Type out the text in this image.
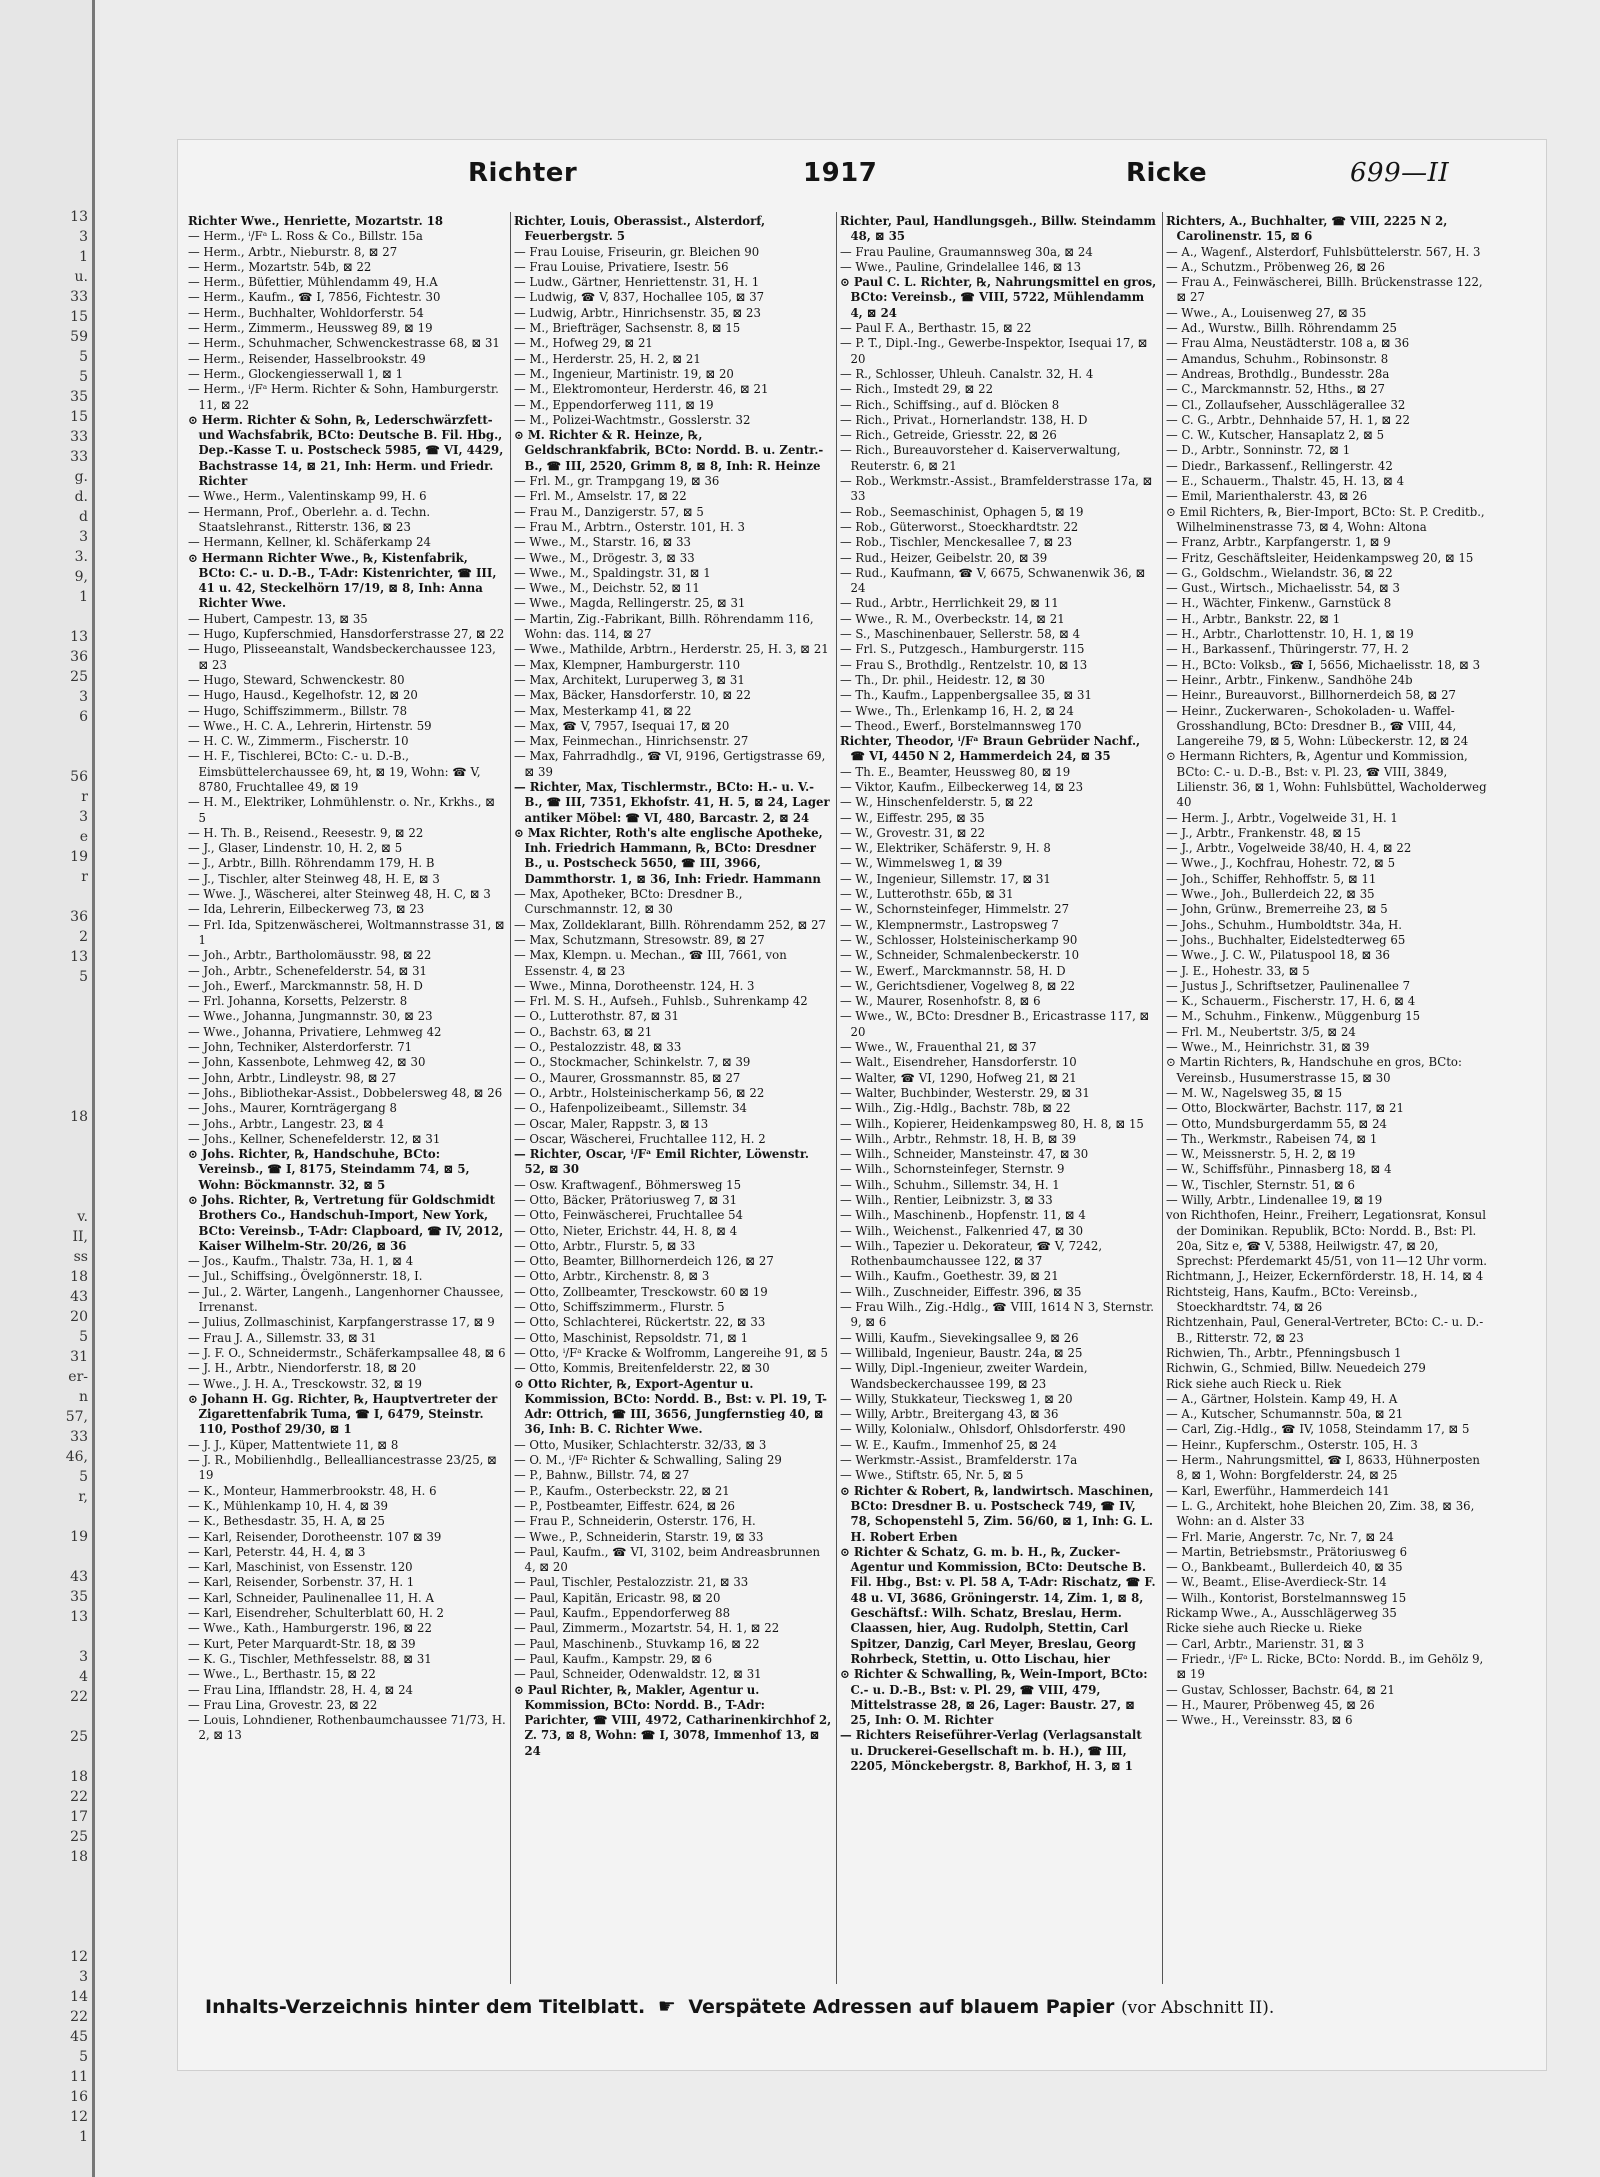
13
3
1
u.
33
15
59
5
5
35
15
33
33
g.
d.
d
3
3.
9,
1
13
36
25
3
6
56
r
3
e
19
r
36
2
13
5
18
v.
II,
ss
18
43
20
5
31
er-
n
57,
33
46,
5
r,
19
43
35
13
3
4
22
25
18
22
17
25
18
12
3
14
22
45
5
11
16
12
1
Richter	1917	Ricke	699—II

Richter Wwe., Henriette, Mozartstr. 18

— Herm., ⁱ/Fᵃ L. Ross & Co., Billstr. 15a

— Herm., Arbtr., Nieburstr. 8, ⊠ 27

— Herm., Mozartstr. 54b, ⊠ 22

— Herm., Büfettier, Mühlendamm 49, H.A

— Herm., Kaufm., ☎ I, 7856, Fichtestr. 30

— Herm., Buchhalter, Wohldorferstr. 54

— Herm., Zimmerm., Heussweg 89, ⊠ 19

— Herm., Schuhmacher, Schwenckestrasse 68, ⊠ 31

— Herm., Reisender, Hasselbrookstr. 49

— Herm., Glockengiesserwall 1, ⊠ 1

— Herm., ⁱ/Fᵃ Herm. Richter & Sohn, Hamburgerstr. 11, ⊠ 22

⊙ Herm. Richter & Sohn, ℞, Lederschwärzfett- und Wachsfabrik, BCto: Deutsche B. Fil. Hbg., Dep.-Kasse T. u. Postscheck 5985, ☎ VI, 4429, Bachstrasse 14, ⊠ 21, Inh: Herm. und Friedr. Richter

— Wwe., Herm., Valentinskamp 99, H. 6

— Hermann, Prof., Oberlehr. a. d. Techn. Staatslehranst., Ritterstr. 136, ⊠ 23

— Hermann, Kellner, kl. Schäferkamp 24

⊙ Hermann Richter Wwe., ℞, Kistenfabrik, BCto: C.- u. D.-B., T-Adr: Kistenrichter, ☎ III, 41 u. 42, Steckelhörn 17/19, ⊠ 8, Inh: Anna Richter Wwe.

— Hubert, Campestr. 13, ⊠ 35

— Hugo, Kupferschmied, Hansdorferstrasse 27, ⊠ 22

— Hugo, Plisseeanstalt, Wandsbeckerchaussee 123, ⊠ 23

— Hugo, Steward, Schwenckestr. 80

— Hugo, Hausd., Kegelhofstr. 12, ⊠ 20

— Hugo, Schiffszimmerm., Billstr. 78

— Wwe., H. C. A., Lehrerin, Hirtenstr. 59

— H. C. W., Zimmerm., Fischerstr. 10

— H. F., Tischlerei, BCto: C.- u. D.-B., Eimsbüttelerchaussee 69, ht, ⊠ 19, Wohn: ☎ V, 8780, Fruchtallee 49, ⊠ 19

— H. M., Elektriker, Lohmühlenstr. o. Nr., Krkhs., ⊠ 5

— H. Th. B., Reisend., Reesestr. 9, ⊠ 22

— J., Glaser, Lindenstr. 10, H. 2, ⊠ 5

— J., Arbtr., Billh. Röhrendamm 179, H. B

— J., Tischler, alter Steinweg 48, H. E, ⊠ 3

— Wwe. J., Wäscherei, alter Steinweg 48, H. C, ⊠ 3

— Ida, Lehrerin, Eilbeckerweg 73, ⊠ 23

— Frl. Ida, Spitzenwäscherei, Woltmannstrasse 31, ⊠ 1

— Joh., Arbtr., Bartholomäusstr. 98, ⊠ 22

— Joh., Arbtr., Schenefelderstr. 54, ⊠ 31

— Joh., Ewerf., Marckmannstr. 58, H. D

— Frl. Johanna, Korsetts, Pelzerstr. 8

— Wwe., Johanna, Jungmannstr. 30, ⊠ 23

— Wwe., Johanna, Privatiere, Lehmweg 42

— John, Techniker, Alsterdorferstr. 71

— John, Kassenbote, Lehmweg 42, ⊠ 30

— John, Arbtr., Lindleystr. 98, ⊠ 27

— Johs., Bibliothekar-Assist., Dobbelersweg 48, ⊠ 26

— Johs., Maurer, Kornträgergang 8

— Johs., Arbtr., Langestr. 23, ⊠ 4

— Johs., Kellner, Schenefelderstr. 12, ⊠ 31

⊙ Johs. Richter, ℞, Handschuhe, BCto: Vereinsb., ☎ I, 8175, Steindamm 74, ⊠ 5, Wohn: Böckmannstr. 32, ⊠ 5

⊙ Johs. Richter, ℞, Vertretung für Goldschmidt Brothers Co., Handschuh-Import, New York, BCto: Vereinsb., T-Adr: Clapboard, ☎ IV, 2012, Kaiser Wilhelm-Str. 20/26, ⊠ 36

— Jos., Kaufm., Thalstr. 73a, H. 1, ⊠ 4

— Jul., Schiffsing., Övelgönnerstr. 18, I.

— Jul., 2. Wärter, Langenh., Langenhorner Chaussee, Irrenanst.

— Julius, Zollmaschinist, Karpfangerstrasse 17, ⊠ 9

— Frau J. A., Sillemstr. 33, ⊠ 31

— J. F. O., Schneidermstr., Schäferkampsallee 48, ⊠ 6

— J. H., Arbtr., Niendorferstr. 18, ⊠ 20

— Wwe., J. H. A., Tresckowstr. 32, ⊠ 19

⊙ Johann H. Gg. Richter, ℞, Hauptvertreter der Zigarettenfabrik Tuma, ☎ I, 6479, Steinstr. 110, Posthof 29/30, ⊠ 1

— J. J., Küper, Mattentwiete 11, ⊠ 8

— J. R., Mobilienhdlg., Bellealliancestrasse 23/25, ⊠ 19

— K., Monteur, Hammerbrookstr. 48, H. 6

— K., Mühlenkamp 10, H. 4, ⊠ 39

— K., Bethesdastr. 35, H. A, ⊠ 25

— Karl, Reisender, Dorotheenstr. 107 ⊠ 39

— Karl, Peterstr. 44, H. 4, ⊠ 3

— Karl, Maschinist, von Essenstr. 120

— Karl, Reisender, Sorbenstr. 37, H. 1

— Karl, Schneider, Paulinenallee 11, H. A

— Karl, Eisendreher, Schulterblatt 60, H. 2

— Wwe., Kath., Hamburgerstr. 196, ⊠ 22

— Kurt, Peter Marquardt-Str. 18, ⊠ 39

— K. G., Tischler, Methfesselstr. 88, ⊠ 31

— Wwe., L., Berthastr. 15, ⊠ 22

— Frau Lina, Ifflandstr. 28, H. 4, ⊠ 24

— Frau Lina, Grovestr. 23, ⊠ 22

— Louis, Lohndiener, Rothenbaumchaussee 71/73, H. 2, ⊠ 13

Richter, Louis, Oberassist., Alsterdorf, Feuerbergstr. 5

— Frau Louise, Friseurin, gr. Bleichen 90

— Frau Louise, Privatiere, Isestr. 56

— Ludw., Gärtner, Henriettenstr. 31, H. 1

— Ludwig, ☎ V, 837, Hochallee 105, ⊠ 37

— Ludwig, Arbtr., Hinrichsenstr. 35, ⊠ 23

— M., Briefträger, Sachsenstr. 8, ⊠ 15

— M., Hofweg 29, ⊠ 21

— M., Herderstr. 25, H. 2, ⊠ 21

— M., Ingenieur, Martinistr. 19, ⊠ 20

— M., Elektromonteur, Herderstr. 46, ⊠ 21

— M., Eppendorferweg 111, ⊠ 19

— M., Polizei-Wachtmstr., Gosslerstr. 32

⊙ M. Richter & R. Heinze, ℞, Geldschrankfabrik, BCto: Nordd. B. u. Zentr.-B., ☎ III, 2520, Grimm 8, ⊠ 8, Inh: R. Heinze

— Frl. M., gr. Trampgang 19, ⊠ 36

— Frl. M., Amselstr. 17, ⊠ 22

— Frau M., Danzigerstr. 57, ⊠ 5

— Frau M., Arbtrn., Osterstr. 101, H. 3

— Wwe., M., Starstr. 16, ⊠ 33

— Wwe., M., Drögestr. 3, ⊠ 33

— Wwe., M., Spaldingstr. 31, ⊠ 1

— Wwe., M., Deichstr. 52, ⊠ 11

— Wwe., Magda, Rellingerstr. 25, ⊠ 31

— Martin, Zig.-Fabrikant, Billh. Röhrendamm 116, Wohn: das. 114, ⊠ 27

— Wwe., Mathilde, Arbtrn., Herderstr. 25, H. 3, ⊠ 21

— Max, Klempner, Hamburgerstr. 110

— Max, Architekt, Luruperweg 3, ⊠ 31

— Max, Bäcker, Hansdorferstr. 10, ⊠ 22

— Max, Mesterkamp 41, ⊠ 22

— Max, ☎ V, 7957, Isequai 17, ⊠ 20

— Max, Feinmechan., Hinrichsenstr. 27

— Max, Fahrradhdlg., ☎ VI, 9196, Gertigstrasse 69, ⊠ 39

— Richter, Max, Tischlermstr., BCto: H.- u. V.-B., ☎ III, 7351, Ekhofstr. 41, H. 5, ⊠ 24, Lager antiker Möbel: ☎ VI, 480, Barcastr. 2, ⊠ 24

⊙ Max Richter, Roth's alte englische Apotheke, Inh. Friedrich Hammann, ℞, BCto: Dresdner B., u. Postscheck 5650, ☎ III, 3966, Dammthorstr. 1, ⊠ 36, Inh: Friedr. Hammann

— Max, Apotheker, BCto: Dresdner B., Curschmannstr. 12, ⊠ 30

— Max, Zolldeklarant, Billh. Röhrendamm 252, ⊠ 27

— Max, Schutzmann, Stresowstr. 89, ⊠ 27

— Max, Klempn. u. Mechan., ☎ III, 7661, von Essenstr. 4, ⊠ 23

— Wwe., Minna, Dorotheenstr. 124, H. 3

— Frl. M. S. H., Aufseh., Fuhlsb., Suhrenkamp 42

— O., Lutterothstr. 87, ⊠ 31

— O., Bachstr. 63, ⊠ 21

— O., Pestalozzistr. 48, ⊠ 33

— O., Stockmacher, Schinkelstr. 7, ⊠ 39

— O., Maurer, Grossmannstr. 85, ⊠ 27

— O., Arbtr., Holsteinischerkamp 56, ⊠ 22

— O., Hafenpolizeibeamt., Sillemstr. 34

— Oscar, Maler, Rappstr. 3, ⊠ 13

— Oscar, Wäscherei, Fruchtallee 112, H. 2

— Richter, Oscar, ⁱ/Fᵃ Emil Richter, Löwenstr. 52, ⊠ 30

— Osw. Kraftwagenf., Böhmersweg 15

— Otto, Bäcker, Prätoriusweg 7, ⊠ 31

— Otto, Feinwäscherei, Fruchtallee 54

— Otto, Nieter, Erichstr. 44, H. 8, ⊠ 4

— Otto, Arbtr., Flurstr. 5, ⊠ 33

— Otto, Beamter, Billhornerdeich 126, ⊠ 27

— Otto, Arbtr., Kirchenstr. 8, ⊠ 3

— Otto, Zollbeamter, Tresckowstr. 60 ⊠ 19

— Otto, Schiffszimmerm., Flurstr. 5

— Otto, Schlachterei, Rückertstr. 22, ⊠ 33

— Otto, Maschinist, Repsoldstr. 71, ⊠ 1

— Otto, ⁱ/Fᵃ Kracke & Wolfromm, Langereihe 91, ⊠ 5

— Otto, Kommis, Breitenfelderstr. 22, ⊠ 30

⊙ Otto Richter, ℞, Export-Agentur u. Kommission, BCto: Nordd. B., Bst: v. Pl. 19, T-Adr: Ottrich, ☎ III, 3656, Jungfernstieg 40, ⊠ 36, Inh: B. C. Richter Wwe.

— Otto, Musiker, Schlachterstr. 32/33, ⊠ 3

— O. M., ⁱ/Fᵃ Richter & Schwalling, Saling 29

— P., Bahnw., Billstr. 74, ⊠ 27

— P., Kaufm., Osterbeckstr. 22, ⊠ 21

— P., Postbeamter, Eiffestr. 624, ⊠ 26

— Frau P., Schneiderin, Osterstr. 176, H.

— Wwe., P., Schneiderin, Starstr. 19, ⊠ 33

— Paul, Kaufm., ☎ VI, 3102, beim Andreasbrunnen 4, ⊠ 20

— Paul, Tischler, Pestalozzistr. 21, ⊠ 33

— Paul, Kapitän, Ericastr. 98, ⊠ 20

— Paul, Kaufm., Eppendorferweg 88

— Paul, Zimmerm., Mozartstr. 54, H. 1, ⊠ 22

— Paul, Maschinenb., Stuvkamp 16, ⊠ 22

— Paul, Kaufm., Kampstr. 29, ⊠ 6

— Paul, Schneider, Odenwaldstr. 12, ⊠ 31

⊙ Paul Richter, ℞, Makler, Agentur u. Kommission, BCto: Nordd. B., T-Adr: Parichter, ☎ VIII, 4972, Catharinenkirchhof 2, Z. 73, ⊠ 8, Wohn: ☎ I, 3078, Immenhof 13, ⊠ 24

Richter, Paul, Handlungsgeh., Billw. Steindamm 48, ⊠ 35

— Frau Pauline, Graumannsweg 30a, ⊠ 24

— Wwe., Pauline, Grindelallee 146, ⊠ 13

⊙ Paul C. L. Richter, ℞, Nahrungsmittel en gros, BCto: Vereinsb., ☎ VIII, 5722, Mühlendamm 4, ⊠ 24

— Paul F. A., Berthastr. 15, ⊠ 22

— P. T., Dipl.-Ing., Gewerbe-Inspektor, Isequai 17, ⊠ 20

— R., Schlosser, Uhleuh. Canalstr. 32, H. 4

— Rich., Imstedt 29, ⊠ 22

— Rich., Schiffsing., auf d. Blöcken 8

— Rich., Privat., Hornerlandstr. 138, H. D

— Rich., Getreide, Griesstr. 22, ⊠ 26

— Rich., Bureauvorsteher d. Kaiserverwaltung, Reuterstr. 6, ⊠ 21

— Rob., Werkmstr.-Assist., Bramfelderstrasse 17a, ⊠ 33

— Rob., Seemaschinist, Ophagen 5, ⊠ 19

— Rob., Güterworst., Stoeckhardtstr. 22

— Rob., Tischler, Menckesallee 7, ⊠ 23

— Rud., Heizer, Geibelstr. 20, ⊠ 39

— Rud., Kaufmann, ☎ V, 6675, Schwanenwik 36, ⊠ 24

— Rud., Arbtr., Herrlichkeit 29, ⊠ 11

— Wwe., R. M., Overbeckstr. 14, ⊠ 21

— S., Maschinenbauer, Sellerstr. 58, ⊠ 4

— Frl. S., Putzgesch., Hamburgerstr. 115

— Frau S., Brothdlg., Rentzelstr. 10, ⊠ 13

— Th., Dr. phil., Heidestr. 12, ⊠ 30

— Th., Kaufm., Lappenbergsallee 35, ⊠ 31

— Wwe., Th., Erlenkamp 16, H. 2, ⊠ 24

— Theod., Ewerf., Borstelmannsweg 170

Richter, Theodor, ⁱ/Fᵃ Braun Gebrüder Nachf., ☎ VI, 4450 N 2, Hammerdeich 24, ⊠ 35

— Th. E., Beamter, Heussweg 80, ⊠ 19

— Viktor, Kaufm., Eilbeckerweg 14, ⊠ 23

— W., Hinschenfelderstr. 5, ⊠ 22

— W., Eiffestr. 295, ⊠ 35

— W., Grovestr. 31, ⊠ 22

— W., Elektriker, Schäferstr. 9, H. 8

— W., Wimmelsweg 1, ⊠ 39

— W., Ingenieur, Sillemstr. 17, ⊠ 31

— W., Lutterothstr. 65b, ⊠ 31

— W., Schornsteinfeger, Himmelstr. 27

— W., Klempnermstr., Lastropsweg 7

— W., Schlosser, Holsteinischerkamp 90

— W., Schneider, Schmalenbeckerstr. 10

— W., Ewerf., Marckmannstr. 58, H. D

— W., Gerichtsdiener, Vogelweg 8, ⊠ 22

— W., Maurer, Rosenhofstr. 8, ⊠ 6

— Wwe., W., BCto: Dresdner B., Ericastrasse 117, ⊠ 20

— Wwe., W., Frauenthal 21, ⊠ 37

— Walt., Eisendreher, Hansdorferstr. 10

— Walter, ☎ VI, 1290, Hofweg 21, ⊠ 21

— Walter, Buchbinder, Westerstr. 29, ⊠ 31

— Wilh., Zig.-Hdlg., Bachstr. 78b, ⊠ 22

— Wilh., Kopierer, Heidenkampsweg 80, H. 8, ⊠ 15

— Wilh., Arbtr., Rehmstr. 18, H. B, ⊠ 39

— Wilh., Schneider, Mansteinstr. 47, ⊠ 30

— Wilh., Schornsteinfeger, Sternstr. 9

— Wilh., Schuhm., Sillemstr. 34, H. 1

— Wilh., Rentier, Leibnizstr. 3, ⊠ 33

— Wilh., Maschinenb., Hopfenstr. 11, ⊠ 4

— Wilh., Weichenst., Falkenried 47, ⊠ 30

— Wilh., Tapezier u. Dekorateur, ☎ V, 7242, Rothenbaumchaussee 122, ⊠ 37

— Wilh., Kaufm., Goethestr. 39, ⊠ 21

— Wilh., Zuschneider, Eiffestr. 396, ⊠ 35

— Frau Wilh., Zig.-Hdlg., ☎ VIII, 1614 N 3, Sternstr. 9, ⊠ 6

— Willi, Kaufm., Sievekingsallee 9, ⊠ 26

— Willibald, Ingenieur, Baustr. 24a, ⊠ 25

— Willy, Dipl.-Ingenieur, zweiter Wardein, Wandsbeckerchaussee 199, ⊠ 23

— Willy, Stukkateur, Tiecksweg 1, ⊠ 20

— Willy, Arbtr., Breitergang 43, ⊠ 36

— Willy, Kolonialw., Ohlsdorf, Ohlsdorferstr. 490

— W. E., Kaufm., Immenhof 25, ⊠ 24

— Werkmstr.-Assist., Bramfelderstr. 17a

— Wwe., Stiftstr. 65, Nr. 5, ⊠ 5

⊙ Richter & Robert, ℞, landwirtsch. Maschinen, BCto: Dresdner B. u. Postscheck 749, ☎ IV, 78, Schopenstehl 5, Zim. 56/60, ⊠ 1, Inh: G. L. H. Robert Erben

⊙ Richter & Schatz, G. m. b. H., ℞, Zucker-Agentur und Kommission, BCto: Deutsche B. Fil. Hbg., Bst: v. Pl. 58 A, T-Adr: Rischatz, ☎ F. 48 u. VI, 3686, Gröningerstr. 14, Zim. 1, ⊠ 8, Geschäftsf.: Wilh. Schatz, Breslau, Herm. Claassen, hier, Aug. Rudolph, Stettin, Carl Spitzer, Danzig, Carl Meyer, Breslau, Georg Rohrbeck, Stettin, u. Otto Lischau, hier

⊙ Richter & Schwalling, ℞, Wein-Import, BCto: C.- u. D.-B., Bst: v. Pl. 29, ☎ VIII, 479, Mittelstrasse 28, ⊠ 26, Lager: Baustr. 27, ⊠ 25, Inh: O. M. Richter

— Richters Reiseführer-Verlag (Verlagsanstalt u. Druckerei-Gesellschaft m. b. H.), ☎ III, 2205, Mönckebergstr. 8, Barkhof, H. 3, ⊠ 1

Richters, A., Buchhalter, ☎ VIII, 2225 N 2, Carolinenstr. 15, ⊠ 6

— A., Wagenf., Alsterdorf, Fuhlsbüttelerstr. 567, H. 3

— A., Schutzm., Pröbenweg 26, ⊠ 26

— Frau A., Feinwäscherei, Billh. Brückenstrasse 122, ⊠ 27

— Wwe., A., Louisenweg 27, ⊠ 35

— Ad., Wurstw., Billh. Röhrendamm 25

— Frau Alma, Neustädterstr. 108 a, ⊠ 36

— Amandus, Schuhm., Robinsonstr. 8

— Andreas, Brothdlg., Bundesstr. 28a

— C., Marckmannstr. 52, Hths., ⊠ 27

— Cl., Zollaufseher, Ausschlägerallee 32

— C. G., Arbtr., Dehnhaide 57, H. 1, ⊠ 22

— C. W., Kutscher, Hansaplatz 2, ⊠ 5

— D., Arbtr., Sonninstr. 72, ⊠ 1

— Diedr., Barkassenf., Rellingerstr. 42

— E., Schauerm., Thalstr. 45, H. 13, ⊠ 4

— Emil, Marienthalerstr. 43, ⊠ 26

⊙ Emil Richters, ℞, Bier-Import, BCto: St. P. Creditb., Wilhelminenstrasse 73, ⊠ 4, Wohn: Altona

— Franz, Arbtr., Karpfangerstr. 1, ⊠ 9

— Fritz, Geschäftsleiter, Heidenkampsweg 20, ⊠ 15

— G., Goldschm., Wielandstr. 36, ⊠ 22

— Gust., Wirtsch., Michaelisstr. 54, ⊠ 3

— H., Wächter, Finkenw., Garnstück 8

— H., Arbtr., Bankstr. 22, ⊠ 1

— H., Arbtr., Charlottenstr. 10, H. 1, ⊠ 19

— H., Barkassenf., Thüringerstr. 77, H. 2

— H., BCto: Volksb., ☎ I, 5656, Michaelisstr. 18, ⊠ 3

— Heinr., Arbtr., Finkenw., Sandhöhe 24b

— Heinr., Bureauvorst., Billhornerdeich 58, ⊠ 27

— Heinr., Zuckerwaren-, Schokoladen- u. Waffel-Grosshandlung, BCto: Dresdner B., ☎ VIII, 44, Langereihe 79, ⊠ 5, Wohn: Lübeckerstr. 12, ⊠ 24

⊙ Hermann Richters, ℞, Agentur und Kommission, BCto: C.- u. D.-B., Bst: v. Pl. 23, ☎ VIII, 3849, Lilienstr. 36, ⊠ 1, Wohn: Fuhlsbüttel, Wacholderweg 40

— Herm. J., Arbtr., Vogelweide 31, H. 1

— J., Arbtr., Frankenstr. 48, ⊠ 15

— J., Arbtr., Vogelweide 38/40, H. 4, ⊠ 22

— Wwe., J., Kochfrau, Hohestr. 72, ⊠ 5

— Joh., Schiffer, Rehhoffstr. 5, ⊠ 11

— Wwe., Joh., Bullerdeich 22, ⊠ 35

— John, Grünw., Bremerreihe 23, ⊠ 5

— Johs., Schuhm., Humboldtstr. 34a, H.

— Johs., Buchhalter, Eidelstedterweg 65

— Wwe., J. C. W., Pilatuspool 18, ⊠ 36

— J. E., Hohestr. 33, ⊠ 5

— Justus J., Schriftsetzer, Paulinenallee 7

— K., Schauerm., Fischerstr. 17, H. 6, ⊠ 4

— M., Schuhm., Finkenw., Müggenburg 15

— Frl. M., Neubertstr. 3/5, ⊠ 24

— Wwe., M., Heinrichstr. 31, ⊠ 39

⊙ Martin Richters, ℞, Handschuhe en gros, BCto: Vereinsb., Husumerstrasse 15, ⊠ 30

— M. W., Nagelsweg 35, ⊠ 15

— Otto, Blockwärter, Bachstr. 117, ⊠ 21

— Otto, Mundsburgerdamm 55, ⊠ 24

— Th., Werkmstr., Rabeisen 74, ⊠ 1

— W., Meissnerstr. 5, H. 2, ⊠ 19

— W., Schiffsführ., Pinnasberg 18, ⊠ 4

— W., Tischler, Sternstr. 51, ⊠ 6

— Willy, Arbtr., Lindenallee 19, ⊠ 19

von Richthofen, Heinr., Freiherr, Legationsrat, Konsul der Dominikan. Republik, BCto: Nordd. B., Bst: Pl. 20a, Sitz e, ☎ V, 5388, Heilwigstr. 47, ⊠ 20, Sprechst: Pferdemarkt 45/51, von 11—12 Uhr vorm.

Richtmann, J., Heizer, Eckernförderstr. 18, H. 14, ⊠ 4

Richtsteig, Hans, Kaufm., BCto: Vereinsb., Stoeckhardtstr. 74, ⊠ 26

Richtzenhain, Paul, General-Vertreter, BCto: C.- u. D.-B., Ritterstr. 72, ⊠ 23

Richwien, Th., Arbtr., Pfenningsbusch 1

Richwin, G., Schmied, Billw. Neuedeich 279

Rick siehe auch Rieck u. Riek

— A., Gärtner, Holstein. Kamp 49, H. A

— A., Kutscher, Schumannstr. 50a, ⊠ 21

— Carl, Zig.-Hdlg., ☎ IV, 1058, Steindamm 17, ⊠ 5

— Heinr., Kupferschm., Osterstr. 105, H. 3

— Herm., Nahrungsmittel, ☎ I, 8633, Hühnerposten 8, ⊠ 1, Wohn: Borgfelderstr. 24, ⊠ 25

— Karl, Ewerführ., Hammerdeich 141

— L. G., Architekt, hohe Bleichen 20, Zim. 38, ⊠ 36, Wohn: an d. Alster 33

— Frl. Marie, Angerstr. 7c, Nr. 7, ⊠ 24

— Martin, Betriebsmstr., Prätoriusweg 6

— O., Bankbeamt., Bullerdeich 40, ⊠ 35

— W., Beamt., Elise-Averdieck-Str. 14

— Wilh., Kontorist, Borstelmannsweg 15

Rickamp Wwe., A., Ausschlägerweg 35

Ricke siehe auch Riecke u. Rieke

— Carl, Arbtr., Marienstr. 31, ⊠ 3

— Friedr., ⁱ/Fᵃ L. Ricke, BCto: Nordd. B., im Gehölz 9, ⊠ 19

— Gustav, Schlosser, Bachstr. 64, ⊠ 21

— H., Maurer, Pröbenweg 45, ⊠ 26

— Wwe., H., Vereinsstr. 83, ⊠ 6

Inhalts-Verzeichnis hinter dem Titelblatt. ☛ Verspätete Adressen auf blauem Papier (vor Abschnitt II).
